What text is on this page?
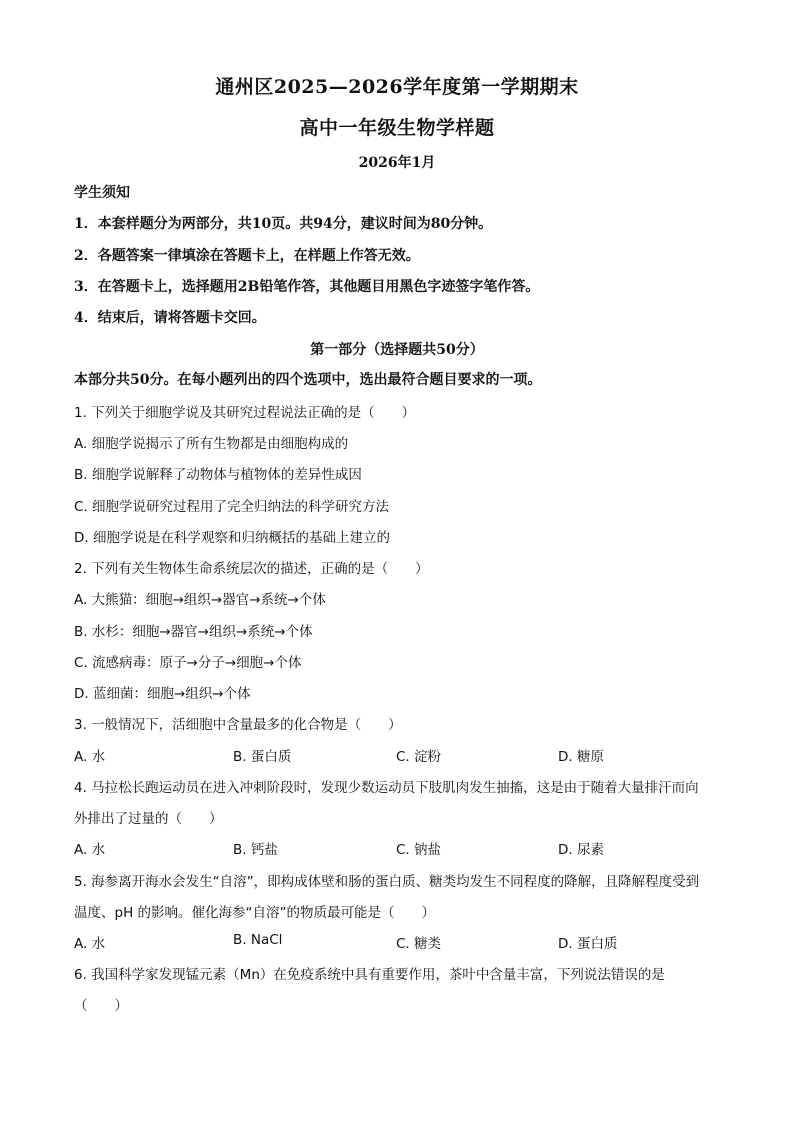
通州区2025—2026学年度第一学期期末
高中一年级生物学样题
2026年1月
学生须知
1．本套样题分为两部分，共10页。共94分，建议时间为80分钟。
2．各题答案一律填涂在答题卡上，在样题上作答无效。
3．在答题卡上，选择题用2B铅笔作答，其他题目用黑色字迹签字笔作答。
4．结束后，请将答题卡交回。
第一部分（选择题共50分）
本部分共50分。在每小题列出的四个选项中，选出最符合题目要求的一项。
1. 下列关于细胞学说及其研究过程说法正确的是（　　）
A. 细胞学说揭示了所有生物都是由细胞构成的
B. 细胞学说解释了动物体与植物体的差异性成因
C. 细胞学说研究过程用了完全归纳法的科学研究方法
D. 细胞学说是在科学观察和归纳概括的基础上建立的
2. 下列有关生物体生命系统层次的描述，正确的是（　　）
A. 大熊猫：细胞→组织→器官→系统→个体
B. 水杉：细胞→器官→组织→系统→个体
C. 流感病毒：原子→分子→细胞→个体
D. 蓝细菌：细胞→组织→个体
3. 一般情况下，活细胞中含量最多的化合物是（　　）
A. 水	B. 蛋白质	C. 淀粉	D. 糖原
4. 马拉松长跑运动员在进入冲刺阶段时，发现少数运动员下肢肌肉发生抽搐，这是由于随着大量排汗而向
外排出了过量的（　　）
A. 水	B. 钙盐	C. 钠盐	D. 尿素
5. 海参离开海水会发生“自溶”，即构成体壁和肠的蛋白质、糖类均发生不同程度的降解，且降解程度受到
温度、pH 的影响。催化海参“自溶”的物质最可能是（　　）
A. 水	B. NaCl	C. 糖类	D. 蛋白质
6. 我国科学家发现锰元素（Mn）在免疫系统中具有重要作用，茶叶中含量丰富，下列说法错误的是
（　　）
